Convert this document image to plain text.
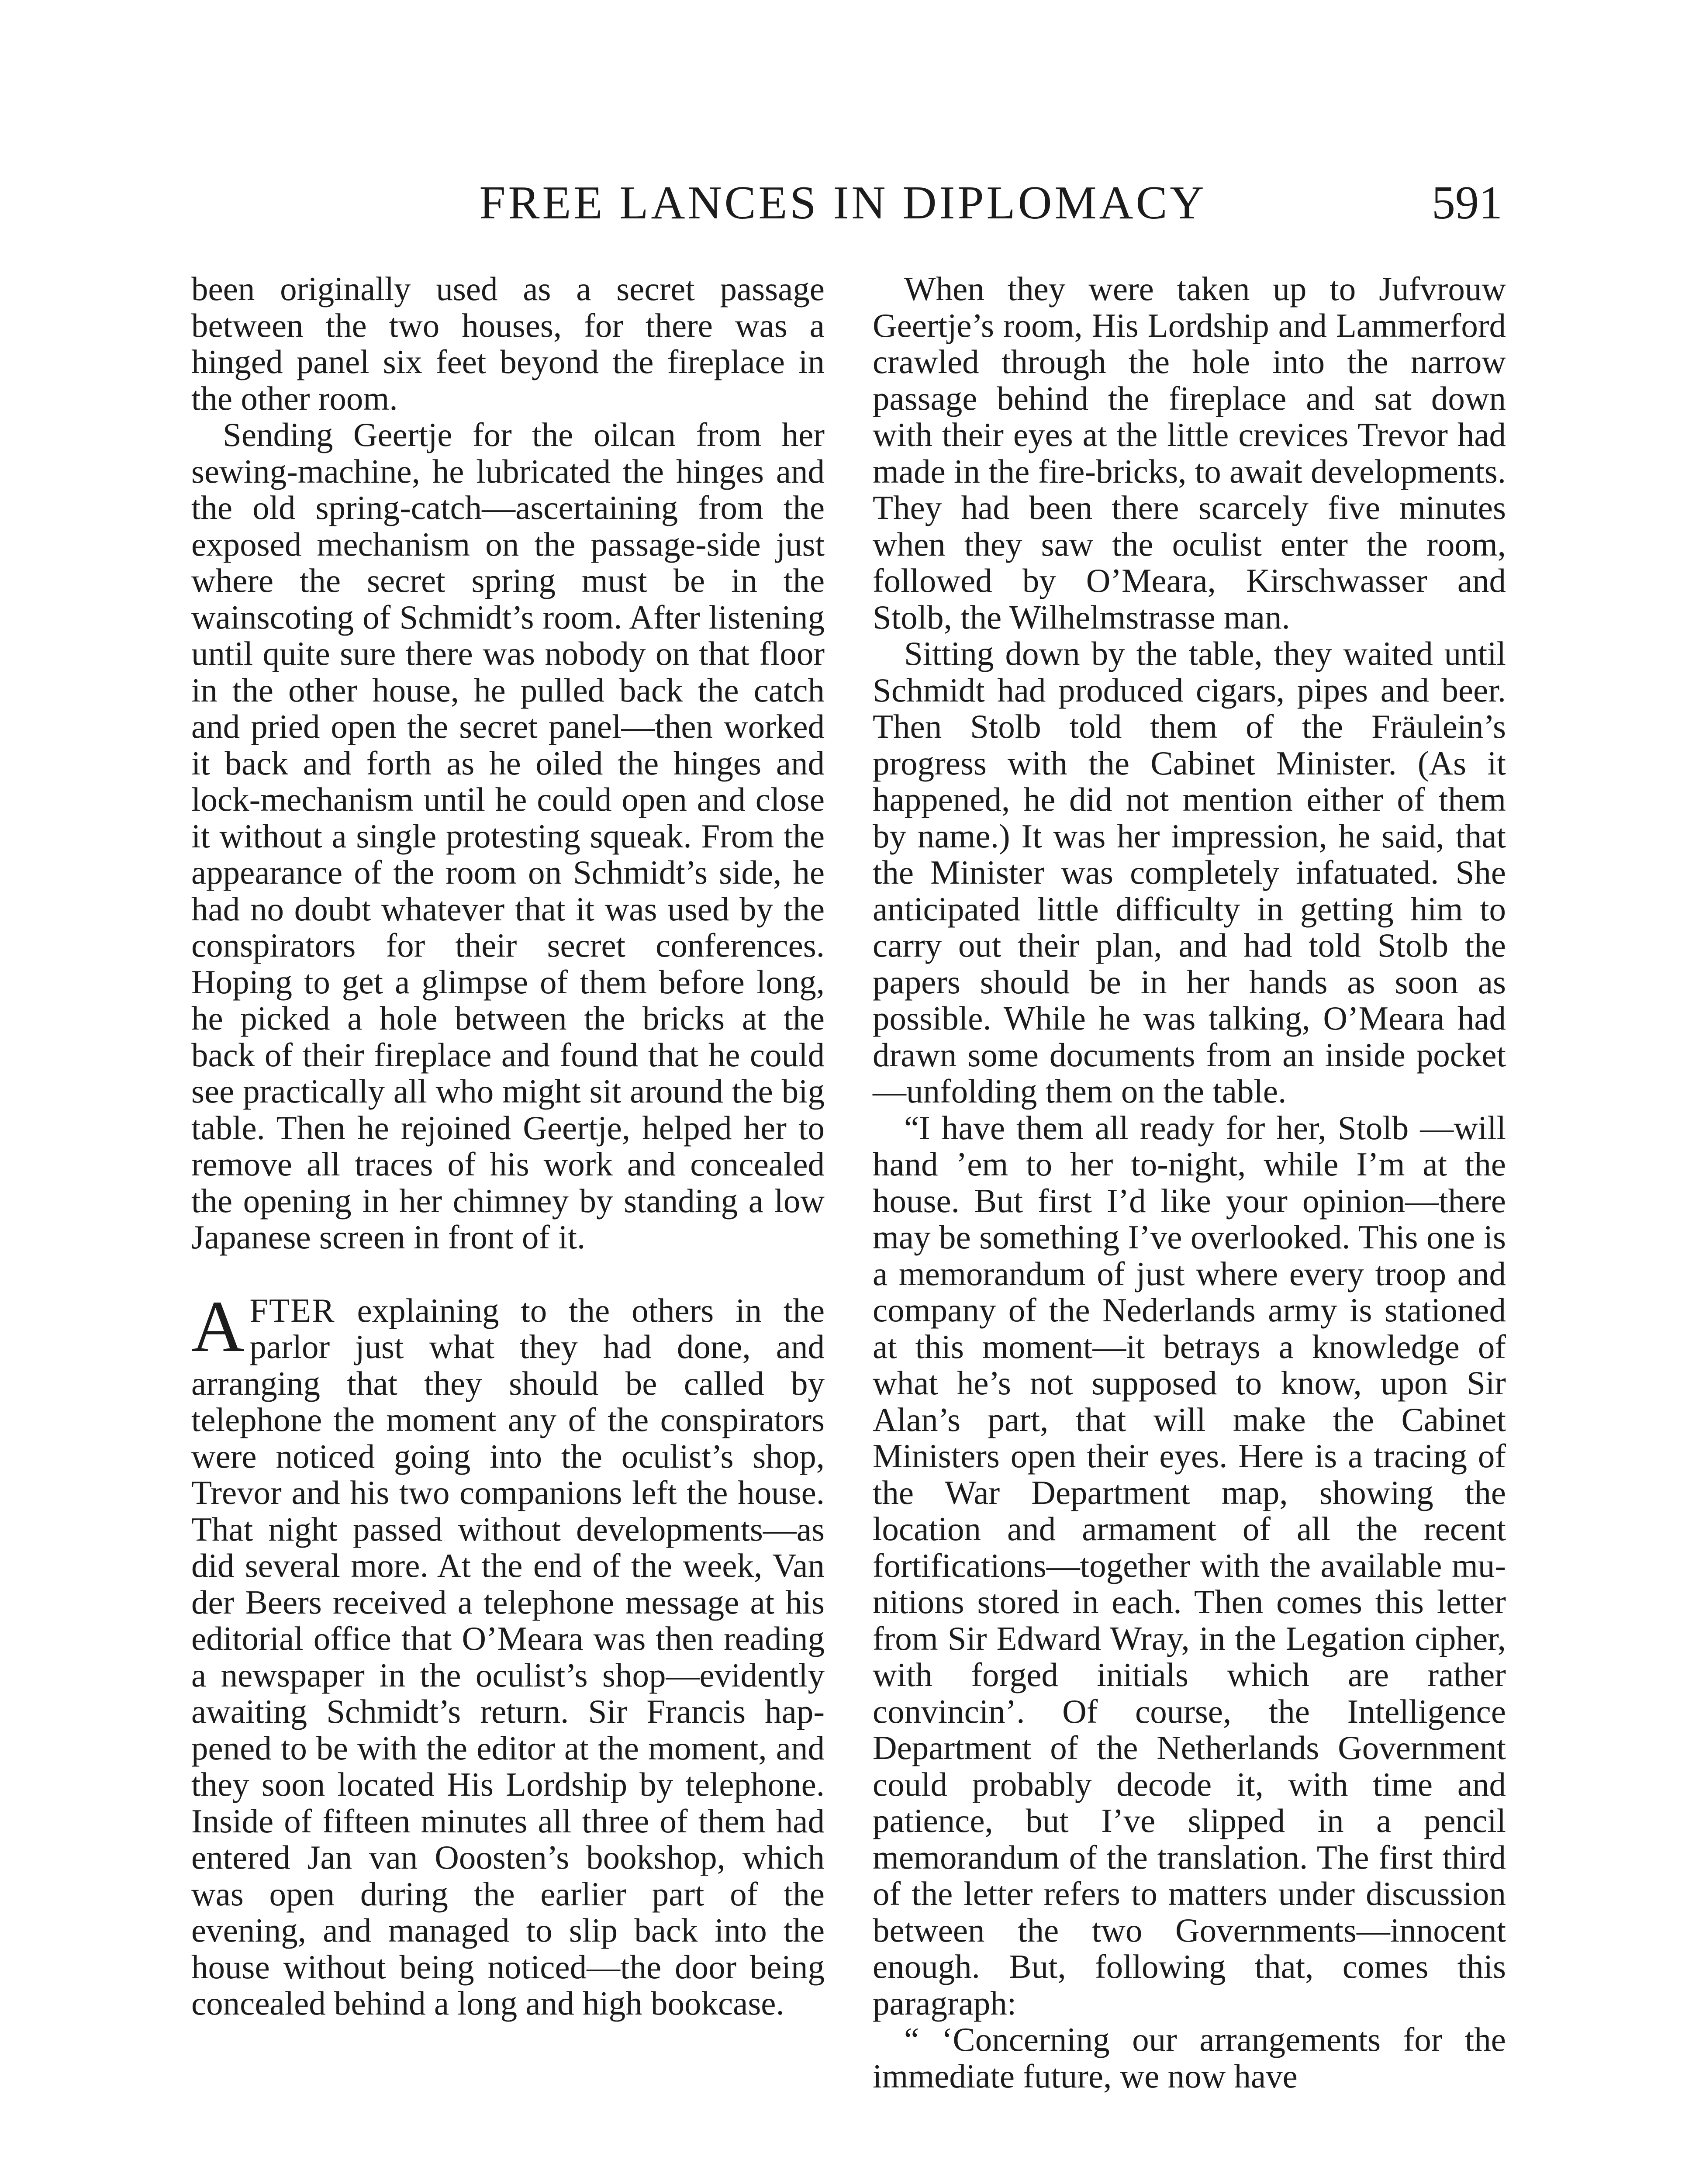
FREE LANCES IN DIPLOMACY	591

been originally used as a secret passage between the two houses, for there was a hinged panel six feet beyond the fireplace in the other room.

Sending Geertje for the oilcan from her sewing-machine, he lubricated the hinges and the old spring-catch—ascertaining from the exposed mechanism on the passage-side just where the secret spring must be in the wainscoting of Schmidt’s room. After listening until quite sure there was nobody on that floor in the other house, he pulled back the catch and pried open the secret panel—then worked it back and forth as he oiled the hinges and lock-mechanism until he could open and close it without a single protesting squeak. From the appearance of the room on Schmidt’s side, he had no doubt whatever that it was used by the conspirators for their secret conferences. Hoping to get a glimpse of them before long, he picked a hole between the bricks at the back of their fireplace and found that he could see practically all who might sit around the big table. Then he rejoined Geertje, helped her to remove all traces of his work and concealed the opening in her chimney by standing a low Japanese screen in front of it.

AFTER explaining to the others in the parlor just what they had done, and arranging that they should be called by telephone the moment any of the conspirators were noticed going into the oculist’s shop, Trevor and his two companions left the house. That night passed without developments—as did several more. At the end of the week, Van der Beers received a telephone message at his editorial office that O’Meara was then reading a newspaper in the oculist’s shop—evidently awaiting Schmidt’s return. Sir Francis happened to be with the editor at the moment, and they soon located His Lordship by telephone. Inside of fifteen minutes all three of them had entered Jan van Ooosten’s bookshop, which was open during the earlier part of the evening, and managed to slip back into the house without being noticed—the door being concealed behind a long and high bookcase.

When they were taken up to Jufvrouw Geertje’s room, His Lordship and Lammerford crawled through the hole into the narrow passage behind the fireplace and sat down with their eyes at the little crevices Trevor had made in the fire-bricks, to await developments. They had been there scarcely five minutes when they saw the oculist enter the room, followed by O’Meara, Kirschwasser and Stolb, the Wilhelmstrasse man.

Sitting down by the table, they waited until Schmidt had produced cigars, pipes and beer. Then Stolb told them of the Fräulein’s progress with the Cabinet Minister. (As it happened, he did not mention either of them by name.) It was her impression, he said, that the Minister was completely infatuated. She anticipated little difficulty in getting him to carry out their plan, and had told Stolb the papers should be in her hands as soon as possible. While he was talking, O’Meara had drawn some documents from an inside pocket—unfolding them on the table.

“I have them all ready for her, Stolb —will hand ’em to her to-night, while I’m at the house. But first I’d like your opinion—there may be something I’ve overlooked. This one is a memorandum of just where every troop and company of the Nederlands army is stationed at this moment—it betrays a knowledge of what he’s not supposed to know, upon Sir Alan’s part, that will make the Cabinet Ministers open their eyes. Here is a tracing of the War Department map, showing the location and armament of all the recent fortifications—together with the available munitions stored in each. Then comes this letter from Sir Edward Wray, in the Legation cipher, with forged initials which are rather convincin’. Of course, the Intelligence Department of the Netherlands Government could probably decode it, with time and patience, but I’ve slipped in a pencil memorandum of the translation. The first third of the letter refers to matters under discussion between the two Governments—innocent enough. But, following that, comes this paragraph:

“ ‘Concerning our arrangements for the immediate future, we now have
